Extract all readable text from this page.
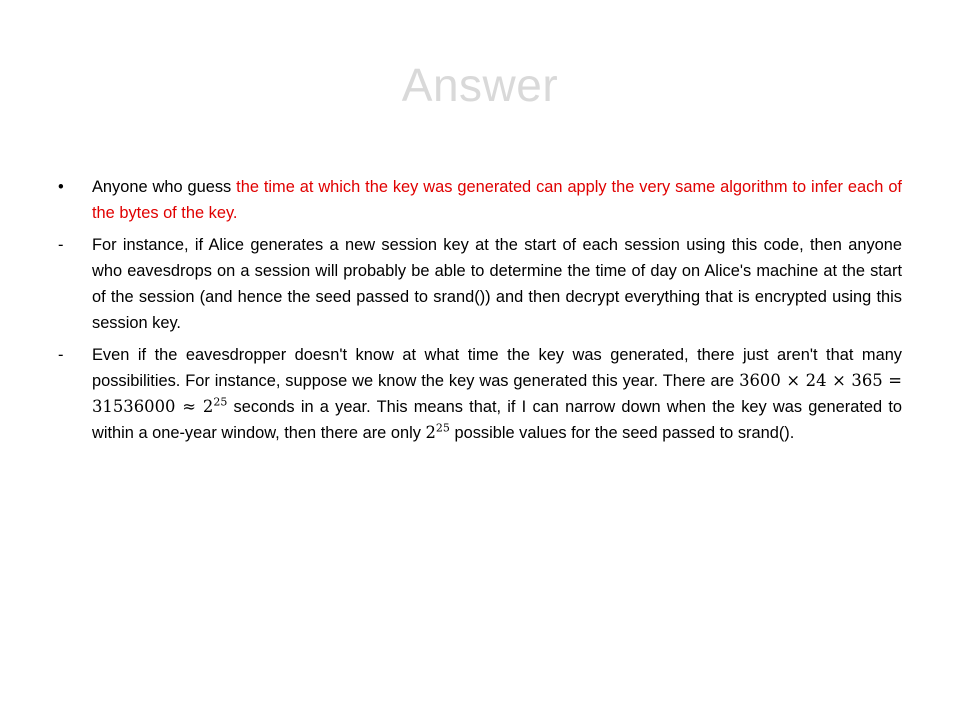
Answer
•	Anyone who guess the time at which the key was generated can apply the very same algorithm to infer each of the bytes of the key.
-	For instance, if Alice generates a new session key at the start of each session using this code, then anyone who eavesdrops on a session will probably be able to determine the time of day on Alice's machine at the start of the session (and hence the seed passed to srand()) and then decrypt everything that is encrypted using this session key.
-	Even if the eavesdropper doesn't know at what time the key was generated, there just aren't that many possibilities. For instance, suppose we know the key was generated this year. There are $3600 \times 24 \times 365 = 31536000 \approx 2^{25}$ seconds in a year. This means that, if I can narrow down when the key was generated to within a one-year window, then there are only $2^{25}$ possible values for the seed passed to srand().
